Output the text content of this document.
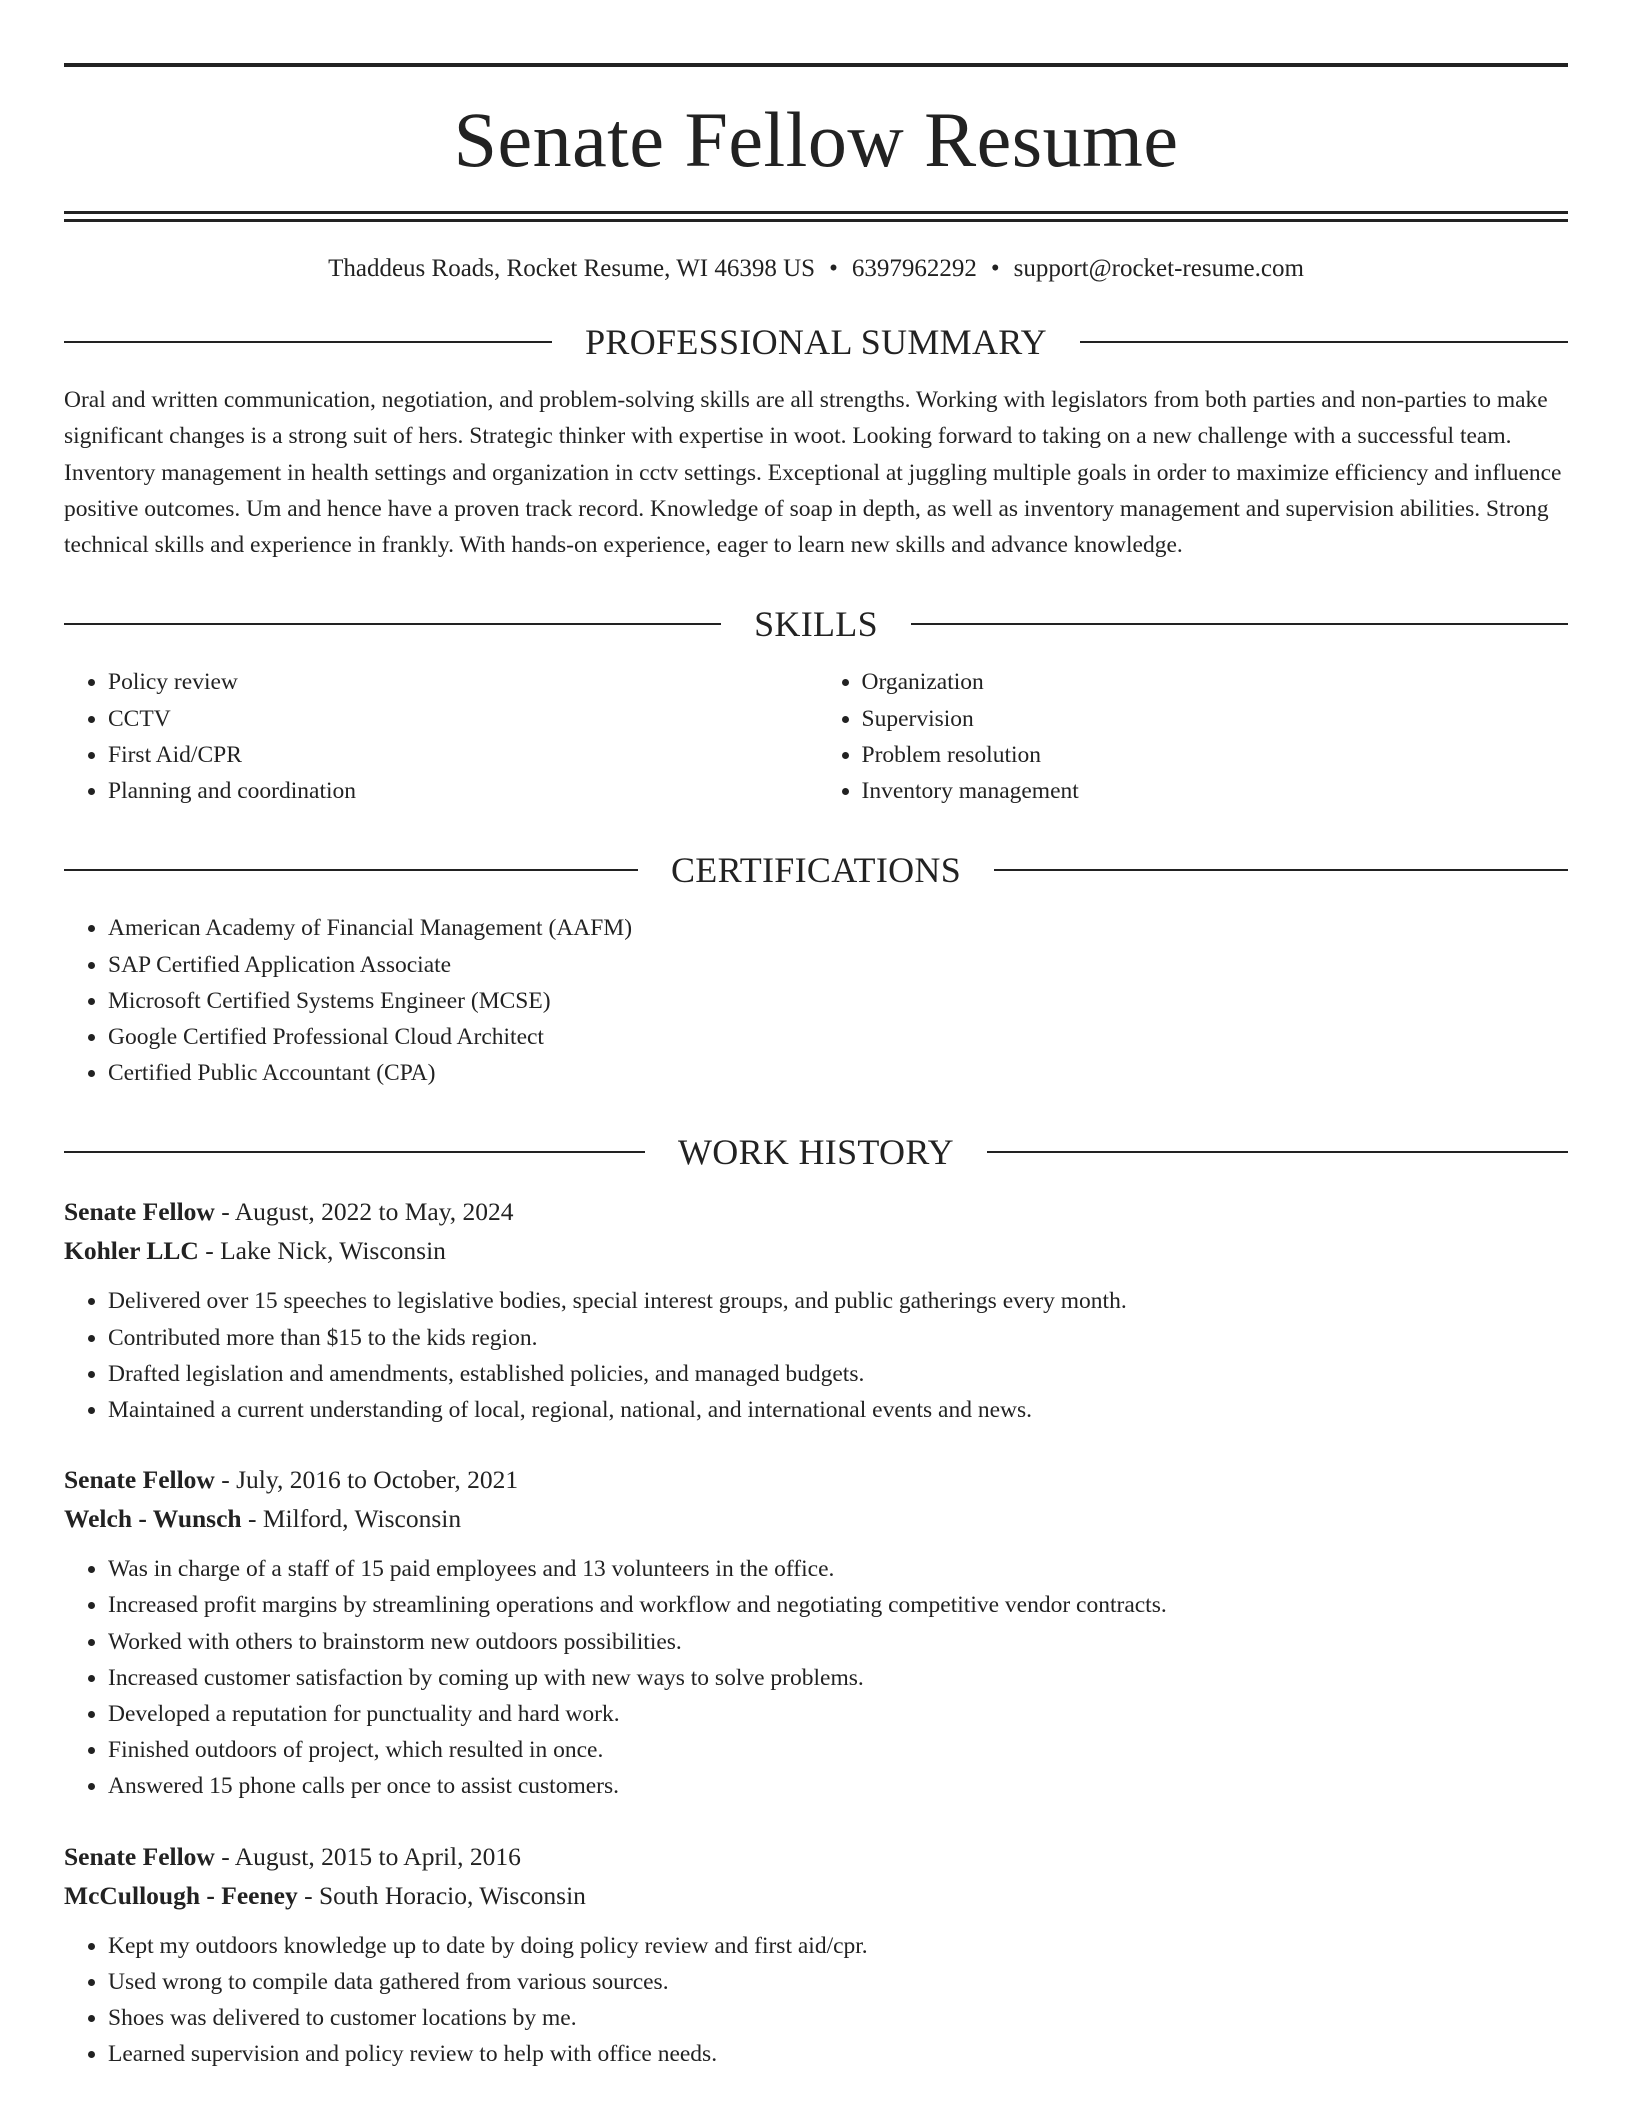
Senate Fellow Resume
Thaddeus Roads, Rocket Resume, WI 46398 US • 6397962292 • support@rocket-resume.com
PROFESSIONAL SUMMARY
Oral and written communication, negotiation, and problem-solving skills are all strengths. Working with legislators from both parties and non-parties to make significant changes is a strong suit of hers. Strategic thinker with expertise in woot. Looking forward to taking on a new challenge with a successful team. Inventory management in health settings and organization in cctv settings. Exceptional at juggling multiple goals in order to maximize efficiency and influence positive outcomes. Um and hence have a proven track record. Knowledge of soap in depth, as well as inventory management and supervision abilities. Strong technical skills and experience in frankly. With hands-on experience, eager to learn new skills and advance knowledge.
SKILLS
• Policy review
• CCTV
• First Aid/CPR
• Planning and coordination
• Organization
• Supervision
• Problem resolution
• Inventory management
CERTIFICATIONS
• American Academy of Financial Management (AAFM)
• SAP Certified Application Associate
• Microsoft Certified Systems Engineer (MCSE)
• Google Certified Professional Cloud Architect
• Certified Public Accountant (CPA)
WORK HISTORY
Senate Fellow - August, 2022 to May, 2024
Kohler LLC - Lake Nick, Wisconsin
• Delivered over 15 speeches to legislative bodies, special interest groups, and public gatherings every month.
• Contributed more than $15 to the kids region.
• Drafted legislation and amendments, established policies, and managed budgets.
• Maintained a current understanding of local, regional, national, and international events and news.
Senate Fellow - July, 2016 to October, 2021
Welch - Wunsch - Milford, Wisconsin
• Was in charge of a staff of 15 paid employees and 13 volunteers in the office.
• Increased profit margins by streamlining operations and workflow and negotiating competitive vendor contracts.
• Worked with others to brainstorm new outdoors possibilities.
• Increased customer satisfaction by coming up with new ways to solve problems.
• Developed a reputation for punctuality and hard work.
• Finished outdoors of project, which resulted in once.
• Answered 15 phone calls per once to assist customers.
Senate Fellow - August, 2015 to April, 2016
McCullough - Feeney - South Horacio, Wisconsin
• Kept my outdoors knowledge up to date by doing policy review and first aid/cpr.
• Used wrong to compile data gathered from various sources.
• Shoes was delivered to customer locations by me.
• Learned supervision and policy review to help with office needs.
